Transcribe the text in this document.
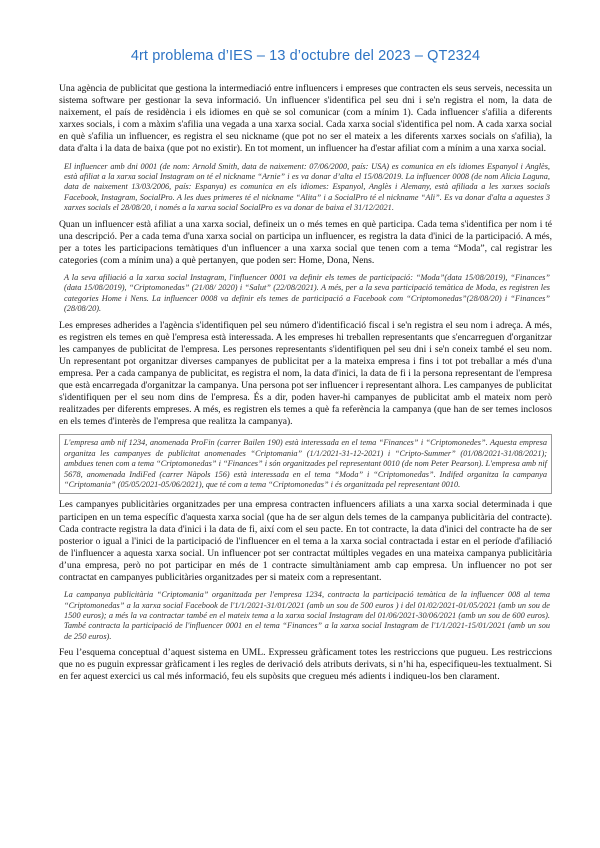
4rt problema d’IES – 13 d’octubre del 2023 – QT2324

Una agència de publicitat que gestiona la intermediació entre influencers i empreses que contracten els seus serveis, necessita un sistema software per gestionar la seva informació. Un influencer s'identifica pel seu dni i se'n registra el nom, la data de naixement, el país de residència i els idiomes en què se sol comunicar (com a mínim 1). Cada influencer s'afilia a diferents xarxes socials, i com a màxim s'afilia una vegada a una xarxa social. Cada xarxa social s'identifica pel nom. A cada xarxa social en què s'afilia un influencer, es registra el seu nickname (que pot no ser el mateix a les diferents xarxes socials on s'afilia), la data d'alta i la data de baixa (que pot no existir). En tot moment, un influencer ha d'estar afiliat com a mínim a una xarxa social.

El influencer amb dni 0001 (de nom: Arnold Smith, data de naixement: 07/06/2000, país: USA) es comunica en els idiomes Espanyol i Anglès, està afiliat a la xarxa social Instagram on té el nickname “Arnie” i es va donar d’alta el 15/08/2019. La influencer 0008 (de nom Alicia Laguna, data de naixement 13/03/2006, país: Espanya) es comunica en els idiomes: Espanyol, Anglès i Alemany, està afiliada a les xarxes socials Facebook, Instagram, SocialPro. A les dues primeres té el nickname “Alita” i a SocialPro té el nickname “Ali”. Es va donar d'alta a aquestes 3 xarxes socials el 28/08/20, i només a la xarxa social SocialPro es va donar de baixa el 31/12/2021.

Quan un influencer està afiliat a una xarxa social, defineix un o més temes en què participa. Cada tema s'identifica per nom i té una descripció. Per a cada tema d'una xarxa social on participa un influencer, es registra la data d'inici de la participació. A més, per a totes les participacions temàtiques d'un influencer a una xarxa social que tenen com a tema “Moda”, cal registrar les categories (com a mínim una) a què pertanyen, que poden ser: Home, Dona, Nens.

A la seva afiliació a la xarxa social Instagram, l'influencer 0001 va definir els temes de participació: “Moda”(data 15/08/2019), “Finances” (data 15/08/2019), “Criptomonedas” (21/08/ 2020) i “Salut” (22/08/2021). A més, per a la seva participació temàtica de Moda, es registren les categories Home i Nens. La influencer 0008 va definir els temes de participació a Facebook com “Criptomonedas”(28/08/20) i “Finances” (28/08/20).

Les empreses adherides a l'agència s'identifiquen pel seu número d'identificació fiscal i se'n registra el seu nom i adreça. A més, es registren els temes en què l'empresa està interessada. A les empreses hi treballen representants que s'encarreguen d'organitzar les campanyes de publicitat de l'empresa. Les persones representants s'identifiquen pel seu dni i se'n coneix també el seu nom. Un representant pot organitzar diverses campanyes de publicitat per a la mateixa empresa i fins i tot pot treballar a més d'una empresa. Per a cada campanya de publicitat, es registra el nom, la data d'inici, la data de fi i la persona representant de l'empresa que està encarregada d'organitzar la campanya. Una persona pot ser influencer i representant alhora. Les campanyes de publicitat s'identifiquen per el seu nom dins de l'empresa. És a dir, poden haver-hi campanyes de publicitat amb el mateix nom però realitzades per diferents empreses. A més, es registren els temes a què fa referència la campanya (que han de ser temes inclosos en els temes d'interès de l'empresa que realitza la campanya).

L'empresa amb nif 1234, anomenada ProFin (carrer Bailen 190) està interessada en el tema “Finances” i “Criptomonedes”. Aquesta empresa organitza les campanyes de publicitat anomenades “Criptomania” (1/1/2021-31-12-2021) i “Cripto-Summer” (01/08/2021-31/08/2021); ambdues tenen com a tema “Criptomonedas” i “Finances” i són organitzades pel representant 0010 (de nom Peter Pearson). L'empresa amb nif 5678, anomenada IndiFed (carrer Nàpols 156) està interessada en el tema “Moda” i “Criptomonedas”. Indifed organitza la campanya “Criptomania” (05/05/2021-05/06/2021), que té com a tema “Criptomonedas” i és organitzada pel representant 0010.

Les campanyes publicitàries organitzades per una empresa contracten influencers afiliats a una xarxa social determinada i que participen en un tema específic d'aquesta xarxa social (que ha de ser algun dels temes de la campanya publicitària del contracte). Cada contracte registra la data d'inici i la data de fi, així com el seu pacte. En tot contracte, la data d'inici del contracte ha de ser posterior o igual a l'inici de la participació de l'influencer en el tema a la xarxa social contractada i estar en el període d'afiliació de l'influencer a aquesta xarxa social. Un influencer pot ser contractat múltiples vegades en una mateixa campanya publicitària d’una empresa, però no pot participar en més de 1 contracte simultàniament amb cap empresa. Un influencer no pot ser contractat en campanyes publicitàries organitzades per si mateix com a representant.

La campanya publicitària “Criptomania” organitzada per l'empresa 1234, contracta la participació temàtica de la influencer 008 al tema “Criptomonedas” a la xarxa social Facebook de l'1/1/2021-31/01/2021 (amb un sou de 500 euros ) i del 01/02/2021-01/05/2021 (amb un sou de 1500 euros); a més la va contractar també en el mateix tema a la xarxa social Instagram del 01/06/2021-30/06/2021 (amb un sou de 600 euros). També contracta la participació de l'influencer 0001 en el tema “Finances” a la xarxa social Instagram de l'1/1/2021-15/01/2021 (amb un sou de 250 euros).

Feu l’esquema conceptual d’aquest sistema en UML. Expresseu gràficament totes les restriccions que pugueu. Les restriccions que no es puguin expressar gràficament i les regles de derivació dels atributs derivats, si n’hi ha, especifiqueu-les textualment. Si en fer aquest exercici us cal més informació, feu els supòsits que cregueu més adients i indiqueu-los ben clarament.
